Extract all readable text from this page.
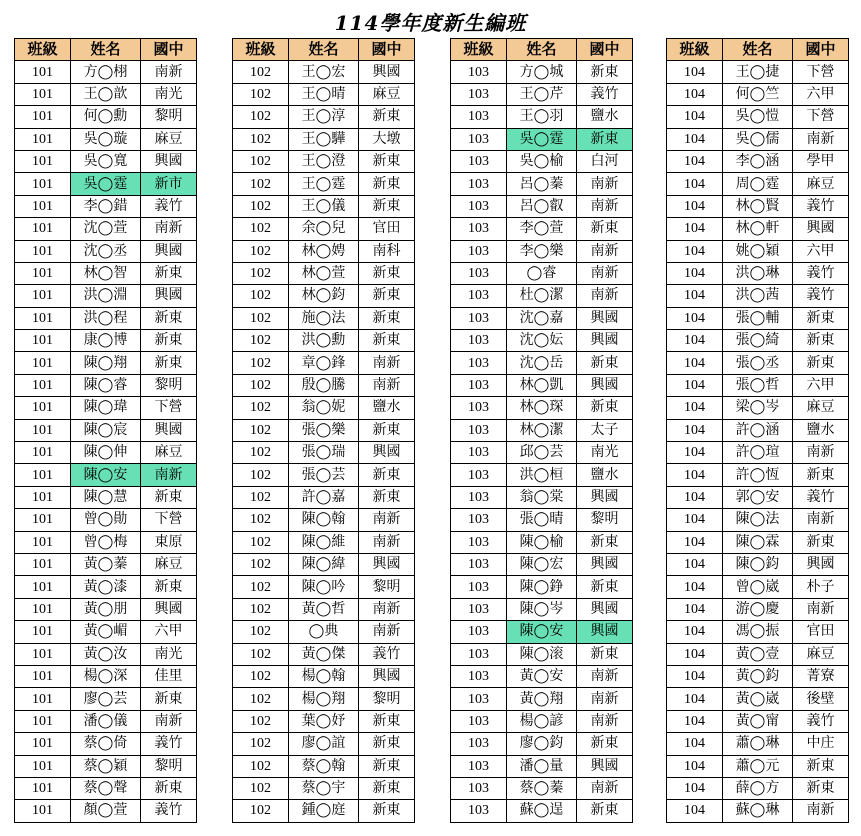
114學年度新生編班
班級	姓名	國中
101	方◯栩	南新
101	王◯歆	南光
101	何◯勳	黎明
101	吳◯璇	麻豆
101	吳◯寬	興國
101	吳◯霆	新市
101	李◯錯	義竹
101	沈◯萱	南新
101	沈◯丞	興國
101	林◯智	新東
101	洪◯淵	興國
101	洪◯程	新東
101	康◯博	新東
101	陳◯翔	新東
101	陳◯睿	黎明
101	陳◯瑋	下營
101	陳◯宸	興國
101	陳◯伸	麻豆
101	陳◯安	南新
101	陳◯慧	新東
101	曾◯勛	下營
101	曾◯梅	東原
101	黃◯蓁	麻豆
101	黃◯漆	新東
101	黃◯朋	興國
101	黃◯嵋	六甲
101	黃◯汝	南光
101	楊◯深	佳里
101	廖◯芸	新東
101	潘◯儀	南新
101	蔡◯倚	義竹
101	蔡◯穎	黎明
101	蔡◯聲	新東
101	顏◯萱	義竹
班級	姓名	國中
102	王◯宏	興國
102	王◯晴	麻豆
102	王◯淳	新東
102	王◯驊	大墩
102	王◯澄	新東
102	王◯霆	新東
102	王◯儀	新東
102	余◯兒	官田
102	林◯娉	南科
102	林◯萱	新東
102	林◯鈞	新東
102	施◯法	新東
102	洪◯勳	新東
102	章◯鋒	南新
102	殷◯騰	南新
102	翁◯妮	鹽水
102	張◯樂	新東
102	張◯瑞	興國
102	張◯芸	新東
102	許◯嘉	新東
102	陳◯翰	南新
102	陳◯維	南新
102	陳◯緯	興國
102	陳◯吟	黎明
102	黃◯哲	南新
102	◯典	南新
102	黃◯傑	義竹
102	楊◯翰	興國
102	楊◯翔	黎明
102	葉◯妤	新東
102	廖◯誼	新東
102	蔡◯翰	新東
102	蔡◯宇	新東
102	鍾◯庭	新東
班級	姓名	國中
103	方◯城	新東
103	王◯芹	義竹
103	王◯羽	鹽水
103	吳◯霆	新東
103	吳◯榆	白河
103	呂◯蓁	南新
103	呂◯叡	南新
103	李◯萱	新東
103	李◯樂	南新
103	◯睿	南新
103	杜◯潔	南新
103	沈◯嘉	興國
103	沈◯妘	興國
103	沈◯岳	新東
103	林◯凱	興國
103	林◯琛	新東
103	林◯潔	太子
103	邱◯芸	南光
103	洪◯桓	鹽水
103	翁◯棠	興國
103	張◯晴	黎明
103	陳◯榆	新東
103	陳◯宏	興國
103	陳◯錚	新東
103	陳◯岑	興國
103	陳◯安	興國
103	陳◯滚	新東
103	黃◯安	南新
103	黃◯翔	南新
103	楊◯諺	南新
103	廖◯鈞	新東
103	潘◯量	興國
103	蔡◯蓁	南新
103	蘇◯逞	新東
班級	姓名	國中
104	王◯捷	下營
104	何◯竺	六甲
104	吳◯愷	下營
104	吳◯儒	南新
104	李◯涵	學甲
104	周◯霆	麻豆
104	林◯賢	義竹
104	林◯軒	興國
104	姚◯穎	六甲
104	洪◯琳	義竹
104	洪◯茜	義竹
104	張◯輔	新東
104	張◯綺	新東
104	張◯丞	新東
104	張◯哲	六甲
104	梁◯岑	麻豆
104	許◯涵	鹽水
104	許◯瑄	南新
104	許◯恆	新東
104	郭◯安	義竹
104	陳◯法	南新
104	陳◯霖	新東
104	陳◯鈞	興國
104	曾◯崴	朴子
104	游◯慶	南新
104	馮◯振	官田
104	黃◯壹	麻豆
104	黃◯鈞	菁寮
104	黃◯崴	後壁
104	黃◯甯	義竹
104	蕭◯琳	中庄
104	蕭◯元	新東
104	薛◯方	新東
104	蘇◯琳	南新
